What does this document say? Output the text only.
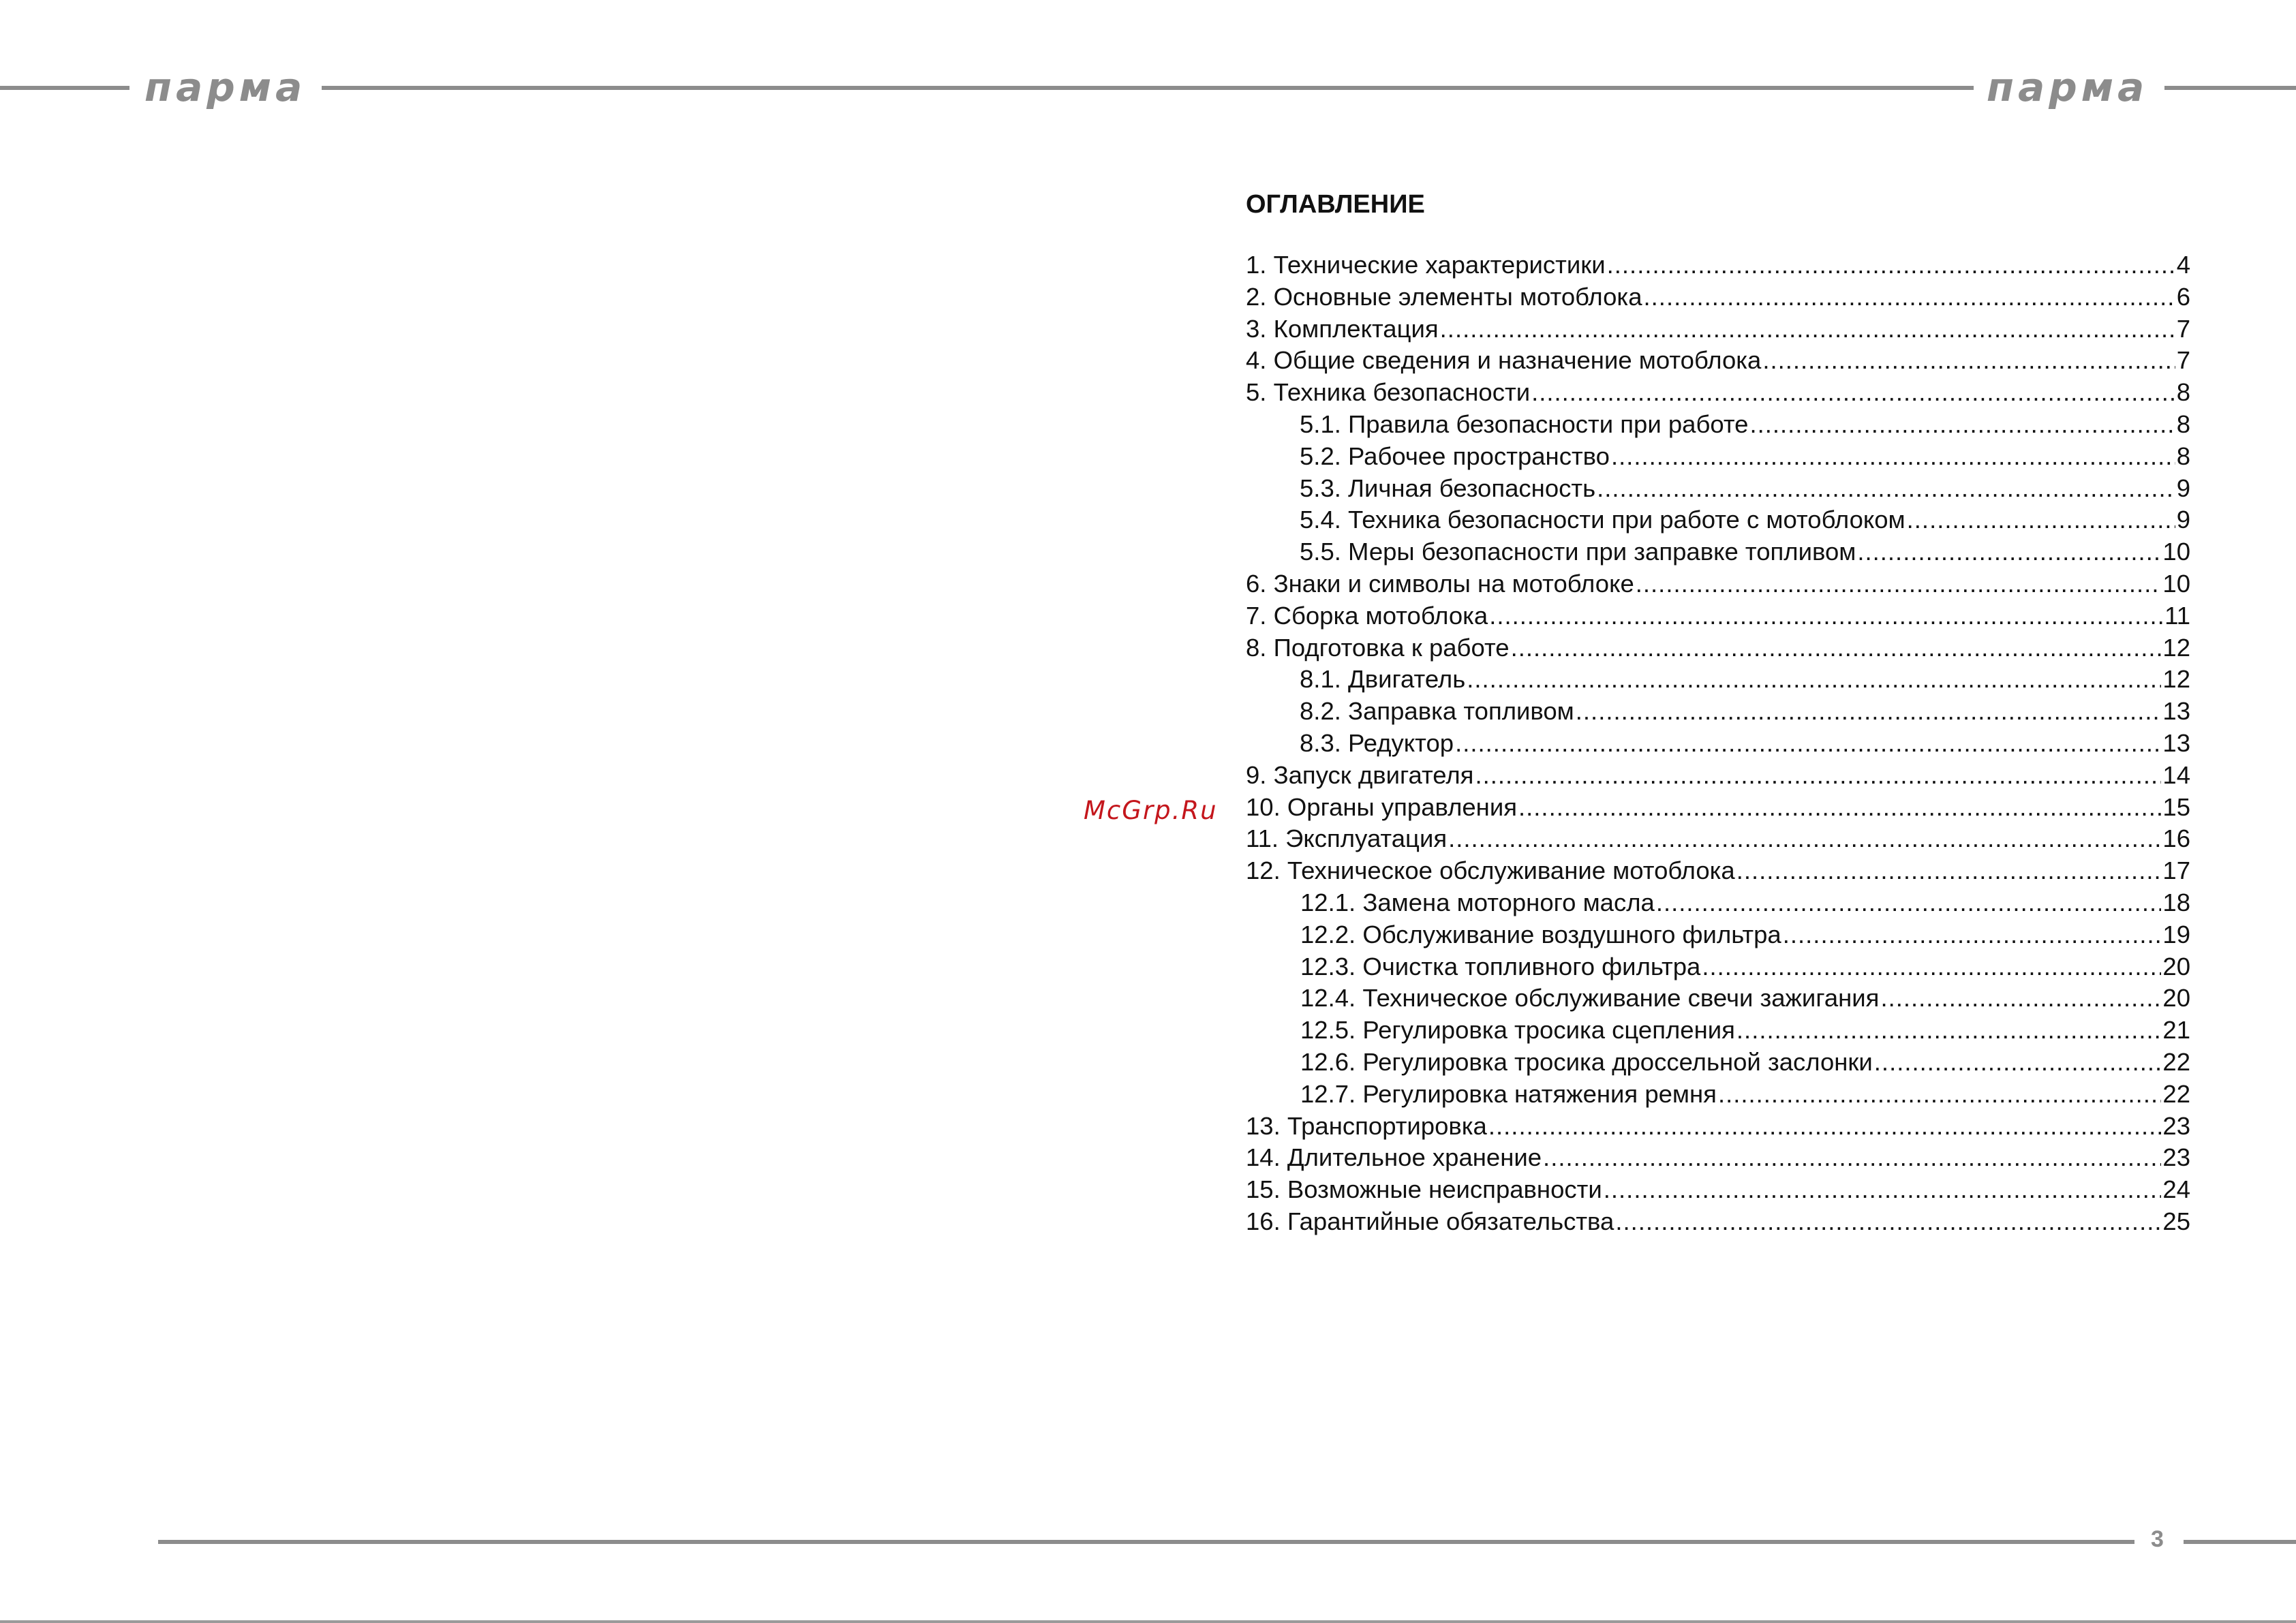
парма	парма
ОГЛАВЛЕНИЕ
1. Технические характеристики .....	4
2. Основные элементы мотоблока .....	6
3. Комплектация .....	7
4. Общие сведения и назначение мотоблока .....	7
5. Техника безопасности .....	8
5.1. Правила безопасности при работе .....	8
5.2. Рабочее пространство .....	8
5.3. Личная безопасность .....	9
5.4. Техника безопасности при работе с мотоблоком .....	9
5.5. Меры безопасности при заправке топливом .....	10
6. Знаки и символы на мотоблоке .....	10
7. Сборка мотоблока .....	11
8. Подготовка к работе .....	12
8.1. Двигатель .....	12
8.2. Заправка топливом .....	13
8.3. Редуктор .....	13
9. Запуск двигателя .....	14
10. Органы управления .....	15
11. Эксплуатация .....	16
12. Техническое обслуживание мотоблока .....	17
12.1. Замена моторного масла .....	18
12.2. Обслуживание воздушного фильтра .....	19
12.3. Очистка топливного фильтра .....	20
12.4. Техническое обслуживание свечи зажигания .....	20
12.5. Регулировка тросика сцепления .....	21
12.6. Регулировка тросика дроссельной заслонки .....	22
12.7. Регулировка натяжения ремня .....	22
13. Транспортировка .....	23
14. Длительное хранение .....	23
15. Возможные неисправности .....	24
16. Гарантийные обязательства .....	25
McGrp.Ru
3
